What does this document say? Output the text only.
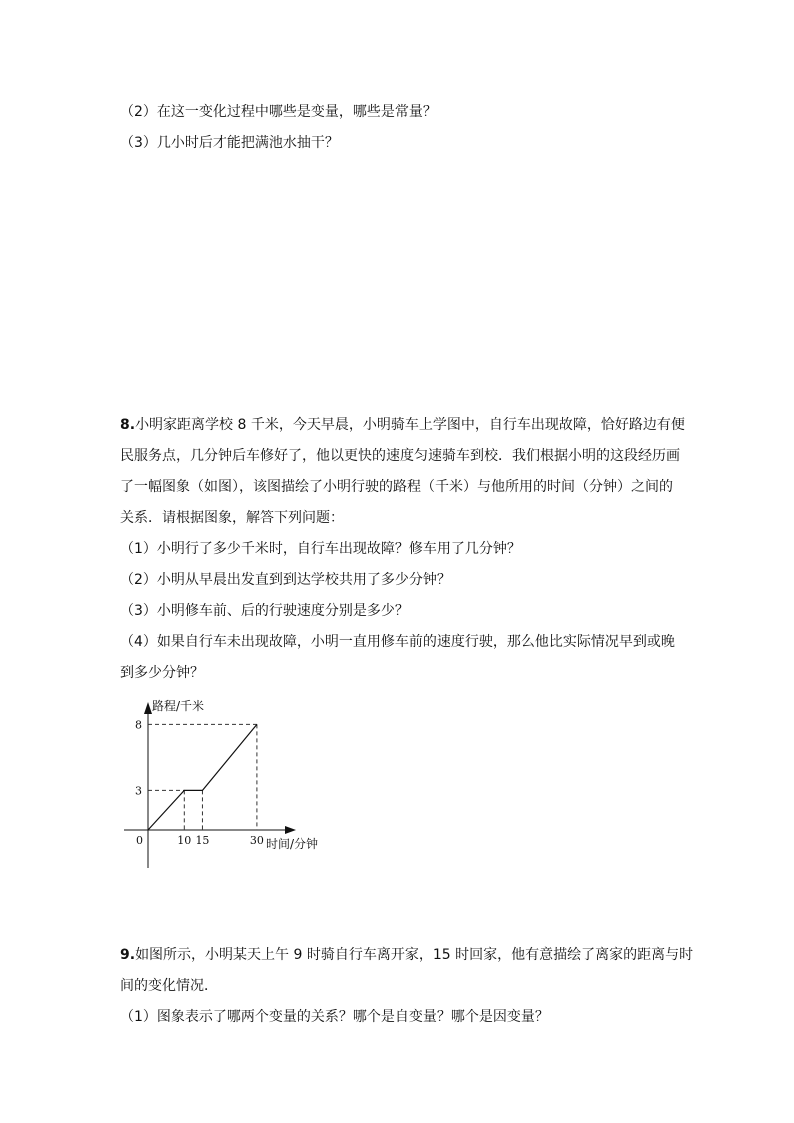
（2）在这一变化过程中哪些是变量，哪些是常量？
（3）几小时后才能把满池水抽干？
8.小明家距离学校 8 千米，今天早晨，小明骑车上学图中，自行车出现故障，恰好路边有便
民服务点，几分钟后车修好了，他以更快的速度匀速骑车到校．我们根据小明的这段经历画
了一幅图象（如图），该图描绘了小明行驶的路程（千米）与他所用的时间（分钟）之间的
关系．请根据图象，解答下列问题：
（1）小明行了多少千米时，自行车出现故障？修车用了几分钟？
（2）小明从早晨出发直到到达学校共用了多少分钟？
（3）小明修车前、后的行驶速度分别是多少？
（4）如果自行车未出现故障，小明一直用修车前的速度行驶，那么他比实际情况早到或晚
到多少分钟？
路程/千米
时间/分钟
0	10 15	30
3
8
9.如图所示，小明某天上午 9 时骑自行车离开家，15 时回家，他有意描绘了离家的距离与时
间的变化情况．
（1）图象表示了哪两个变量的关系？哪个是自变量？哪个是因变量？
